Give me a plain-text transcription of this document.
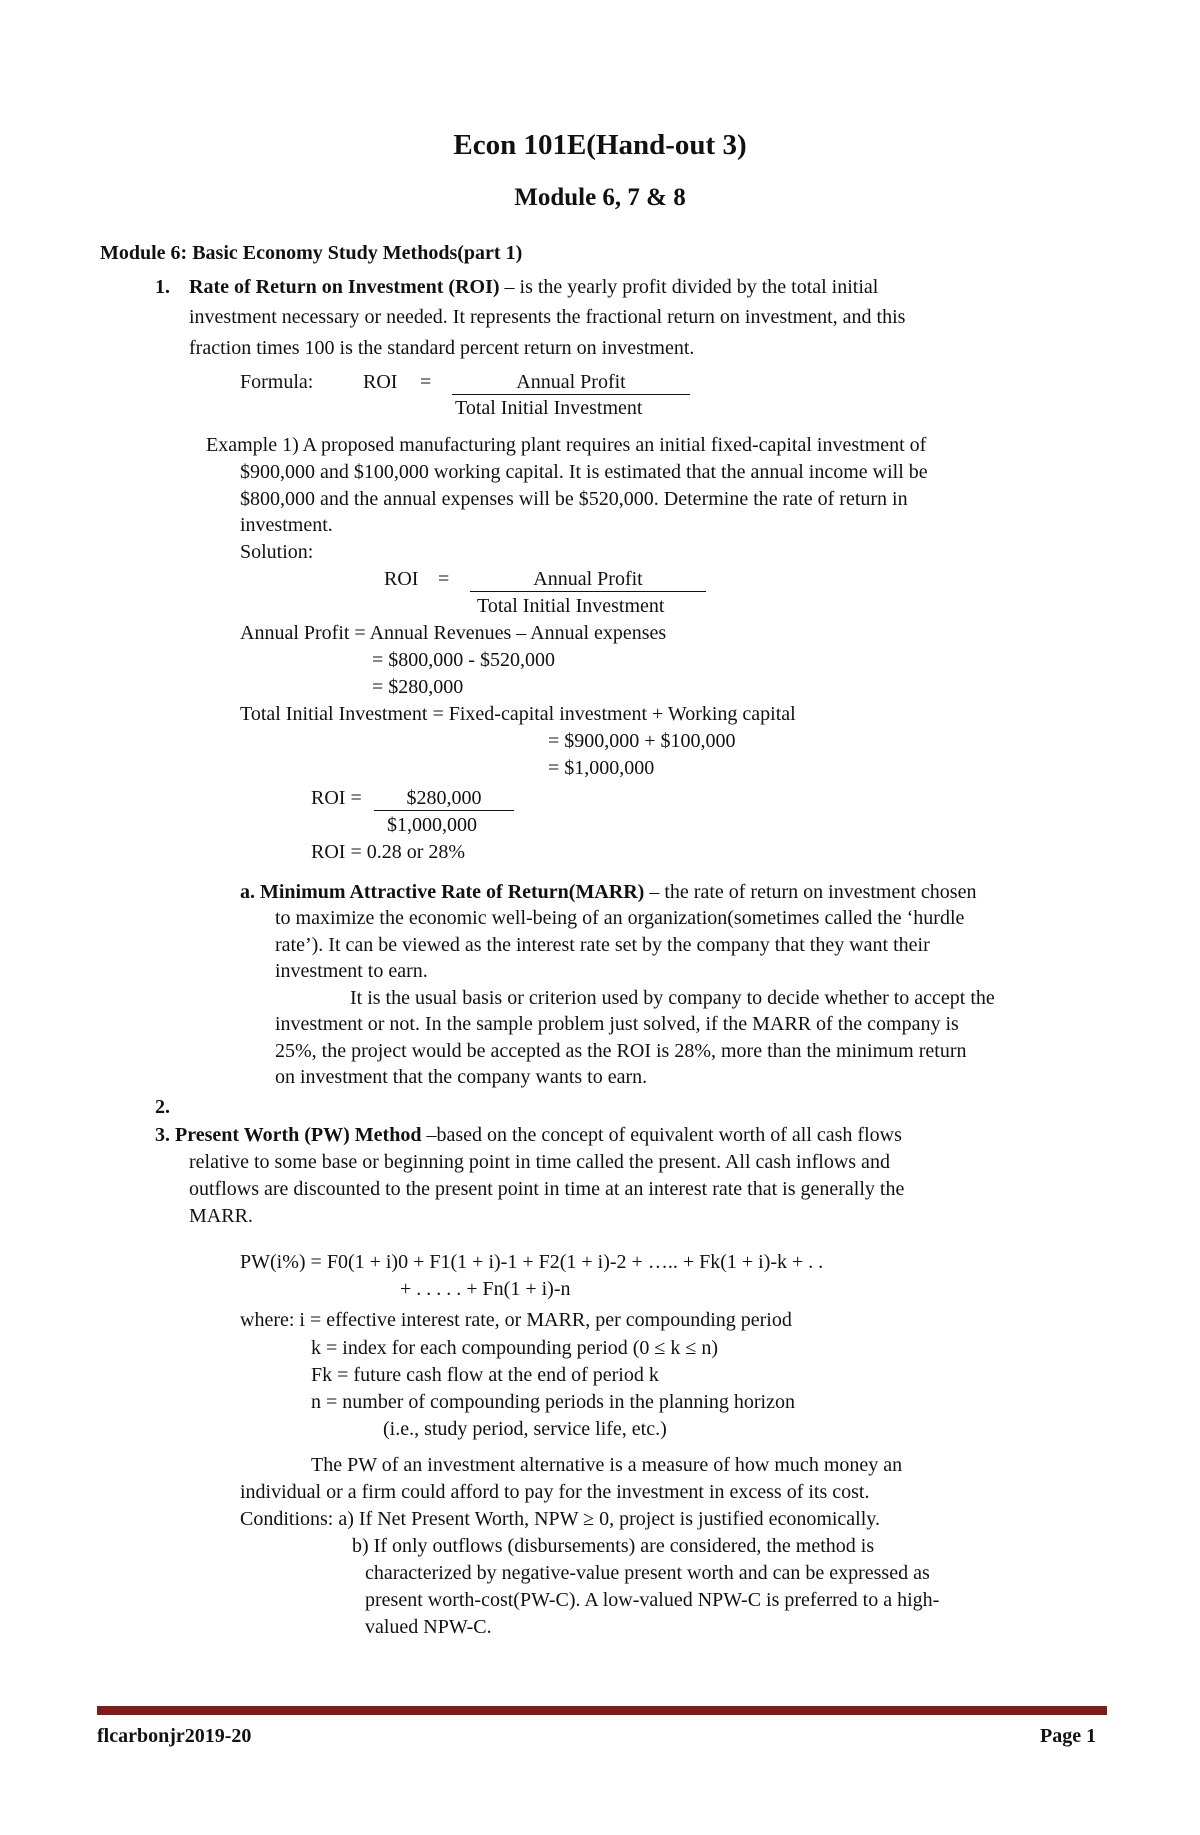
Econ 101E(Hand-out 3)
Module 6, 7 & 8
Module 6: Basic Economy Study Methods(part 1)
1. Rate of Return on Investment (ROI) – is the yearly profit divided by the total initial
investment necessary or needed. It represents the fractional return on investment, and this
fraction times 100 is the standard percent return on investment.
Formula: ROI =	Annual Profit
Total Initial Investment
Example 1) A proposed manufacturing plant requires an initial fixed-capital investment of
$900,000 and $100,000 working capital. It is estimated that the annual income will be
$800,000 and the annual expenses will be $520,000. Determine the rate of return in
investment.
Solution:
ROI =	Annual Profit
Total Initial Investment
Annual Profit = Annual Revenues – Annual expenses
= $800,000 - $520,000
= $280,000
Total Initial Investment = Fixed-capital investment + Working capital
= $900,000 + $100,000
= $1,000,000
ROI =	$280,000
$1,000,000
ROI = 0.28 or 28%
a. Minimum Attractive Rate of Return(MARR) – the rate of return on investment chosen
to maximize the economic well-being of an organization(sometimes called the ‘hurdle
rate’). It can be viewed as the interest rate set by the company that they want their
investment to earn.
It is the usual basis or criterion used by company to decide whether to accept the
investment or not. In the sample problem just solved, if the MARR of the company is
25%, the project would be accepted as the ROI is 28%, more than the minimum return
on investment that the company wants to earn.
2.
3. Present Worth (PW) Method –based on the concept of equivalent worth of all cash flows
relative to some base or beginning point in time called the present. All cash inflows and
outflows are discounted to the present point in time at an interest rate that is generally the
MARR.
PW(i%) = F0(1 + i)0 + F1(1 + i)-1 + F2(1 + i)-2 + ….. + Fk(1 + i)-k + . .
+ . . . . . + Fn(1 + i)-n
where: i = effective interest rate, or MARR, per compounding period
k = index for each compounding period (0 ≤ k ≤ n)
Fk = future cash flow at the end of period k
n = number of compounding periods in the planning horizon
(i.e., study period, service life, etc.)
The PW of an investment alternative is a measure of how much money an
individual or a firm could afford to pay for the investment in excess of its cost.
Conditions: a) If Net Present Worth, NPW ≥ 0, project is justified economically.
b) If only outflows (disbursements) are considered, the method is
characterized by negative-value present worth and can be expressed as
present worth-cost(PW-C). A low-valued NPW-C is preferred to a high-
valued NPW-C.
flcarbonjr2019-20	Page 1
